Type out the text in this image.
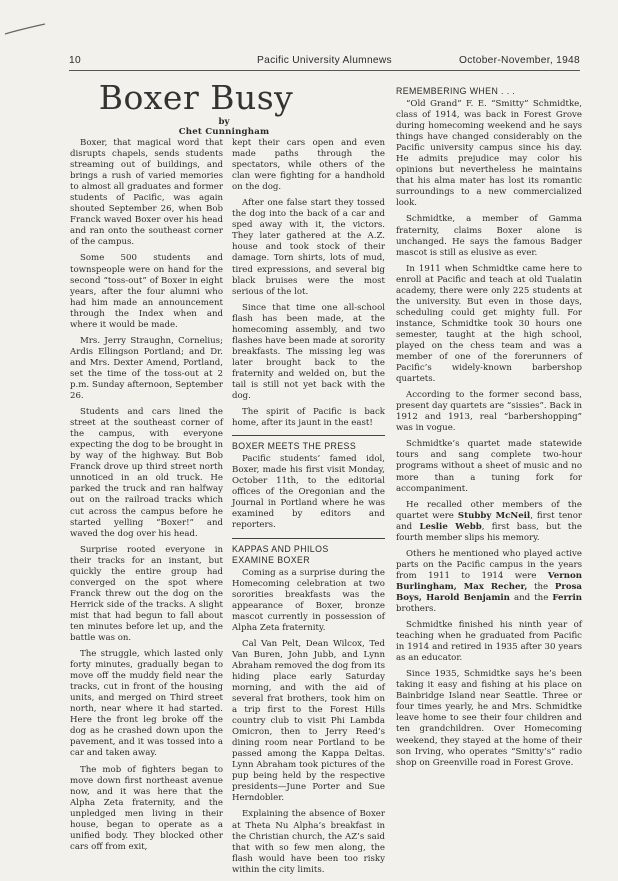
10	Pacific University Alumnews	October-November, 1948
Boxer Busy
by
Chet Cunningham

Boxer, that magical word that disrupts chapels, sends students streaming out of buildings, and brings a rush of varied memories to almost all graduates and former students of Pacific, was again shouted September 26, when Bob Franck waved Boxer over his head and ran onto the southeast corner of the campus.

Some 500 students and townspeople were on hand for the second “toss-out” of Boxer in eight years, after the four alumni who had him made an announcement through the Index when and where it would be made.

Mrs. Jerry Straughn, Cornelius; Ardis Ellingson Portland; and Dr. and Mrs. Dexter Amend, Portland, set the time of the toss-out at 2 p.m. Sunday afternoon, September 26.

Students and cars lined the street at the southeast corner of the campus, with everyone expecting the dog to be brought in by way of the highway. But Bob Franck drove up third street north unnoticed in an old truck. He parked the truck and ran halfway out on the railroad tracks which cut across the campus before he started yelling “Boxer!” and waved the dog over his head.

Surprise rooted everyone in their tracks for an instant, but quickly the entire group had converged on the spot where Franck threw out the dog on the Herrick side of the tracks. A slight mist that had begun to fall about ten minutes before let up, and the battle was on.

The struggle, which lasted only forty minutes, gradually began to move off the muddy field near the tracks, cut in front of the housing units, and merged on Third street north, near where it had started. Here the front leg broke off the dog as he crashed down upon the pavement, and it was tossed into a car and taken away.

The mob of fighters began to move down first northeast avenue now, and it was here that the Alpha Zeta fraternity, and the unpledged men living in their house, began to operate as a unified body. They blocked other cars off from exit,

kept their cars open and even made paths through the spectators, while others of the clan were fighting for a handhold on the dog.

After one false start they tossed the dog into the back of a car and sped away with it, the victors. They later gathered at the A.Z. house and took stock of their damage. Torn shirts, lots of mud, tired expressions, and several big black bruises were the most serious of the lot.

Since that time one all-school flash has been made, at the homecoming assembly, and two flashes have been made at sorority breakfasts. The missing leg was later brought back to the fraternity and welded on, but the tail is still not yet back with the dog.

The spirit of Pacific is back home, after its jaunt in the east!

BOXER MEETS THE PRESS

Pacific students’ famed idol, Boxer, made his first visit Monday, October 11th, to the editorial offices of the Oregonian and the Journal in Portland where he was examined by editors and reporters.

KAPPAS AND PHILOS
EXAMINE BOXER

Coming as a surprise during the Homecoming celebration at two sororities breakfasts was the appearance of Boxer, bronze mascot currently in possession of Alpha Zeta fraternity.

Cal Van Pelt, Dean Wilcox, Ted Van Buren, John Jubb, and Lynn Abraham removed the dog from its hiding place early Saturday morning, and with the aid of several frat brothers, took him on a trip first to the Forest Hills country club to visit Phi Lambda Omicron, then to Jerry Reed’s dining room near Portland to be passed among the Kappa Deltas. Lynn Abraham took pictures of the pup being held by the respective presidents—June Porter and Sue Herndobler.

Explaining the absence of Boxer at Theta Nu Alpha’s breakfast in the Christian church, the AZ’s said that with so few men along, the flash would have been too risky within the city limits.

REMEMBERING WHEN . . .

“Old Grand” F. E. “Smitty” Schmidtke, class of 1914, was back in Forest Grove during homecoming weekend and he says things have changed considerably on the Pacific university campus since his day. He admits prejudice may color his opinions but nevertheless he maintains that his alma mater has lost its romantic surroundings to a new commercialized look.

Schmidtke, a member of Gamma fraternity, claims Boxer alone is unchanged. He says the famous Badger mascot is still as elusive as ever.

In 1911 when Schmidtke came here to enroll at Pacific and teach at old Tualatin academy, there were only 225 students at the university. But even in those days, scheduling could get mighty full. For instance, Schmidtke took 30 hours one semester, taught at the high school, played on the chess team and was a member of one of the forerunners of Pacific’s widely-known barbershop quartets.

According to the former second bass, present day quartets are “sissies”. Back in 1912 and 1913, real “barbershopping” was in vogue.

Schmidtke’s quartet made statewide tours and sang complete two-hour programs without a sheet of music and no more than a tuning fork for accompaniment.

He recalled other members of the quartet were Stubby McNeil, first tenor and Leslie Webb, first bass, but the fourth member slips his memory.

Others he mentioned who played active parts on the Pacific campus in the years from 1911 to 1914 were Vernon Burlingham, Max Recher, the Prosa Boys, Harold Benjamin and the Ferrin brothers.

Schmidtke finished his ninth year of teaching when he graduated from Pacific in 1914 and retired in 1935 after 30 years as an educator.

Since 1935, Schmidtke says he’s been taking it easy and fishing at his place on Bainbridge Island near Seattle. Three or four times yearly, he and Mrs. Schmidtke leave home to see their four children and ten grandchildren. Over Homecoming weekend, they stayed at the home of their son Irving, who operates “Smitty’s” radio shop on Greenville road in Forest Grove.
